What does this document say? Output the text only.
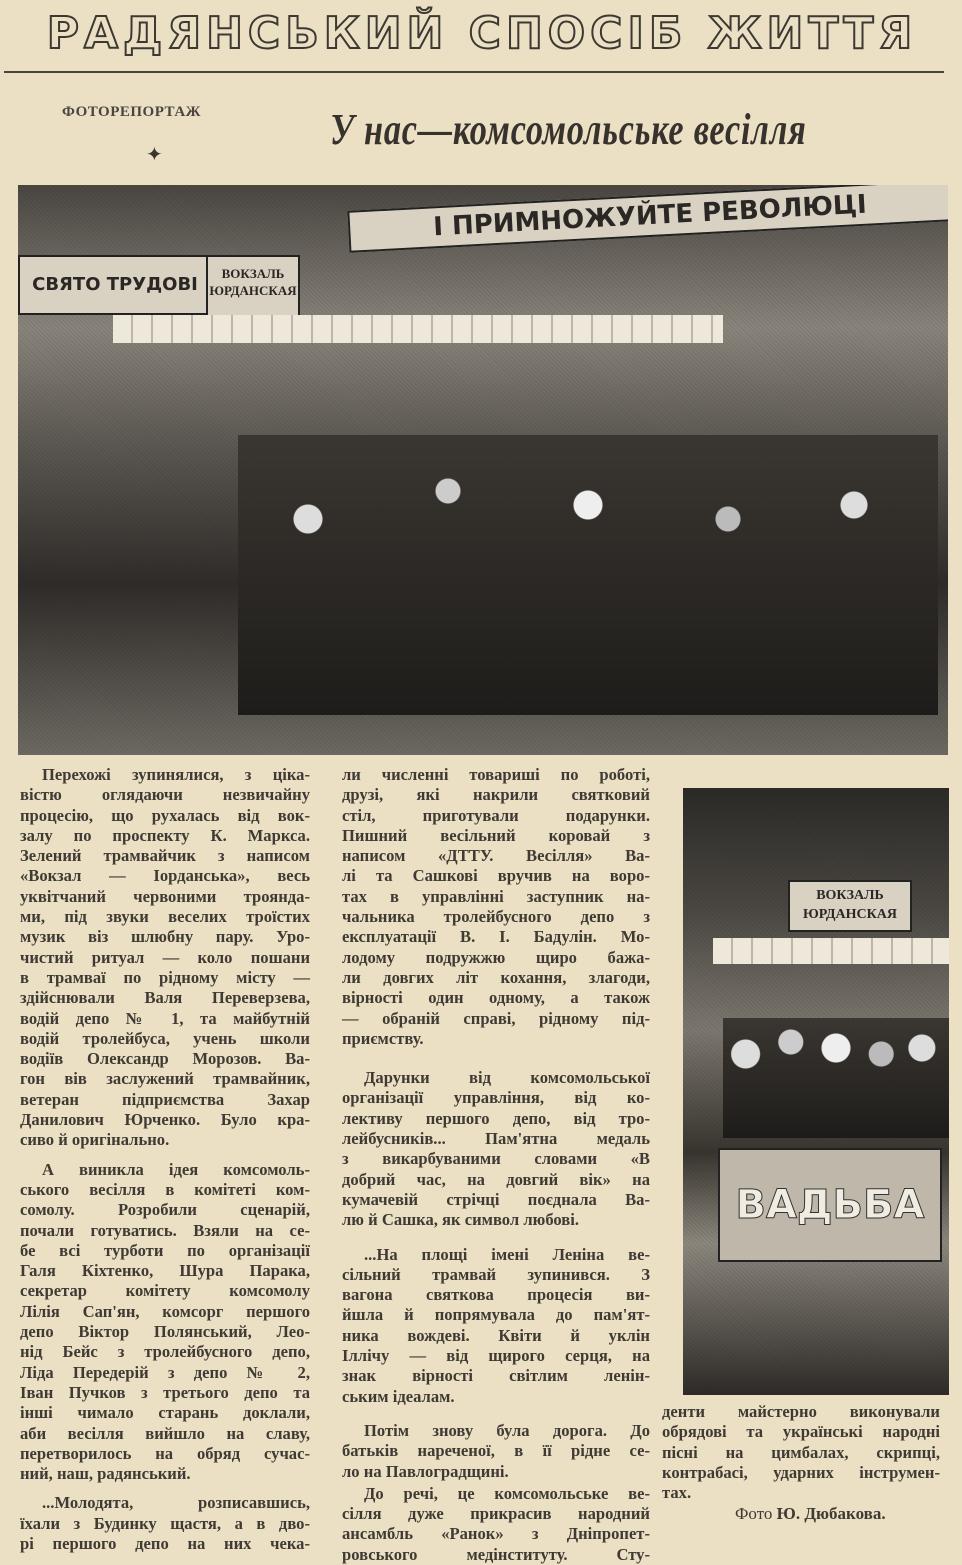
РАДЯНСЬКИЙ СПОСІБ ЖИТТЯ
ФОТОРЕПОРТАЖ
✦
У нас—комсомольське весілля
І ПРИМНОЖУЙТЕ РЕВОЛЮЦІ
СВЯТО ТРУДОВІ
ВОКЗАЛЬ
ЮРДАНСКАЯ
ВОКЗАЛЬ
ЮРДАНСКАЯ
ВАДЬБА
Перехожі зупинялися, з ціка-
вістю оглядаючи незвичайну
процесію, що рухалась від вок-
залу по проспекту К. Маркса.
Зелений трамвайчик з написом
«Вокзал — Іорданська», весь
уквітчаний червоними троянда-
ми, під звуки веселих троїстих
музик віз шлюбну пару. Уро-
чистий ритуал — коло пошани
в трамваї по рідному місту —
здійснювали Валя Переверзева,
водій депо № 1, та майбутній
водій тролейбуса, учень школи
водіїв Олександр Морозов. Ва-
гон вів заслужений трамвайник,
ветеран підприємства Захар
Данилович Юрченко. Було кра-
сиво й оригінально.
А виникла ідея комсомоль-
ського весілля в комітеті ком-
сомолу. Розробили сценарій,
почали готуватись. Взяли на се-
бе всі турботи по організації
Галя Кіхтенко, Шура Парака,
секретар комітету комсомолу
Лілія Сап'ян, комсорг першого
депо Віктор Полянський, Лео-
нід Бейс з тролейбусного депо,
Ліда Передерій з депо № 2,
Іван Пучков з третього депо та
інші чимало старань доклали,
аби весілля вийшло на славу,
перетворилось на обряд сучас-
ний, наш, радянський.
...Молодята, розписавшись,
їхали з Будинку щастя, а в дво-
рі першого депо на них чека-
ли численні товариші по роботі,
друзі, які накрили святковий
стіл, приготували подарунки.
Пишний весільний коровай з
написом «ДТТУ. Весілля» Ва-
лі та Сашкові вручив на воро-
тах в управлінні заступник на-
чальника тролейбусного депо з
експлуатації В. І. Бадулін. Мо-
лодому подружжю щиро бажа-
ли довгих літ кохання, злагоди,
вірності один одному, а також
— обраній справі, рідному під-
приємству.
Дарунки від комсомольської
організації управління, від ко-
лективу першого депо, від тро-
лейбусників... Пам'ятна медаль
з викарбуваними словами «В
добрий час, на довгий вік» на
кумачевій стрічці поєднала Ва-
лю й Сашка, як символ любові.
...На площі імені Леніна ве-
сільний трамвай зупинився. З
вагона святкова процесія ви-
йшла й попрямувала до пам'ят-
ника вождеві. Квіти й уклін
Іллічу — від щирого серця, на
знак вірності світлим ленін-
ським ідеалам.
Потім знову була дорога. До
батьків нареченої, в її рідне се-
ло на Павлоградщині.
До речі, це комсомольське ве-
сілля дуже прикрасив народний
ансамбль «Ранок» з Дніпропет-
ровського медінституту. Сту-
денти майстерно виконували
обрядові та українські народні
пісні на цимбалах, скрипці,
контрабасі, ударних інструмен-
тах.
Фото Ю. Дюбакова.
